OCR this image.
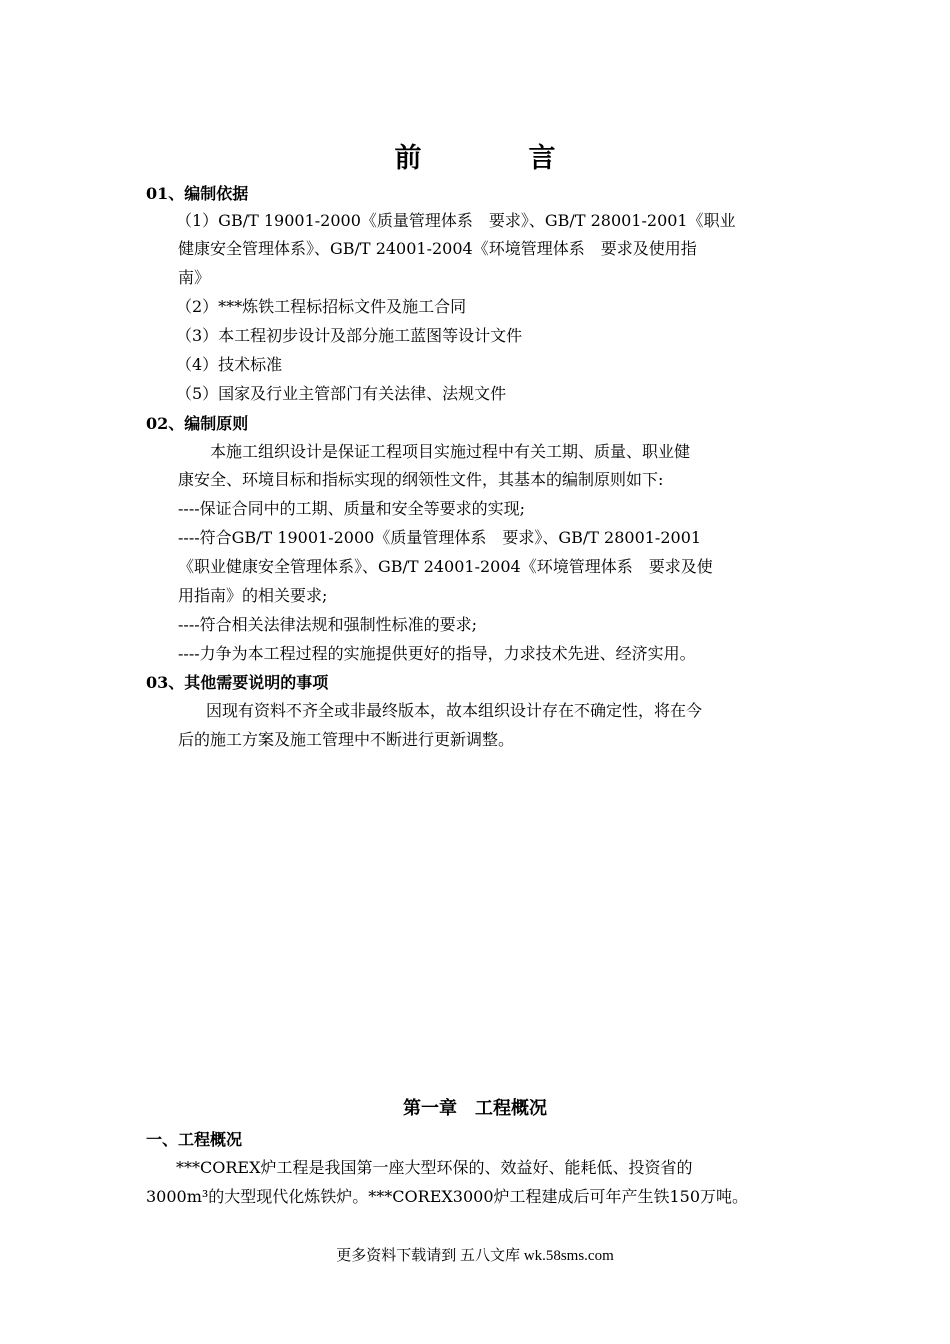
前　言
01、编制依据
（1）GB/T 19001-2000《质量管理体系　要求》、GB/T 28001-2001《职业
健康安全管理体系》、GB/T 24001-2004《环境管理体系　要求及使用指
南》
（2）***炼铁工程标招标文件及施工合同
（3）本工程初步设计及部分施工蓝图等设计文件
（4）技术标准
（5）国家及行业主管部门有关法律、法规文件
02、编制原则
本施工组织设计是保证工程项目实施过程中有关工期、质量、职业健
康安全、环境目标和指标实现的纲领性文件，其基本的编制原则如下:
----保证合同中的工期、质量和安全等要求的实现;
----符合GB/T 19001-2000《质量管理体系　要求》、GB/T 28001-2001
《职业健康安全管理体系》、GB/T 24001-2004《环境管理体系　要求及使
用指南》的相关要求;
----符合相关法律法规和强制性标准的要求;
----力争为本工程过程的实施提供更好的指导，力求技术先进、经济实用。
03、其他需要说明的事项
因现有资料不齐全或非最终版本，故本组织设计存在不确定性，将在今
后的施工方案及施工管理中不断进行更新调整。
第一章　工程概况
一、工程概况
***COREX炉工程是我国第一座大型环保的、效益好、能耗低、投资省的
3000m³的大型现代化炼铁炉。***COREX3000炉工程建成后可年产生铁150万吨。
更多资料下载请到 五八文库 wk.58sms.com
